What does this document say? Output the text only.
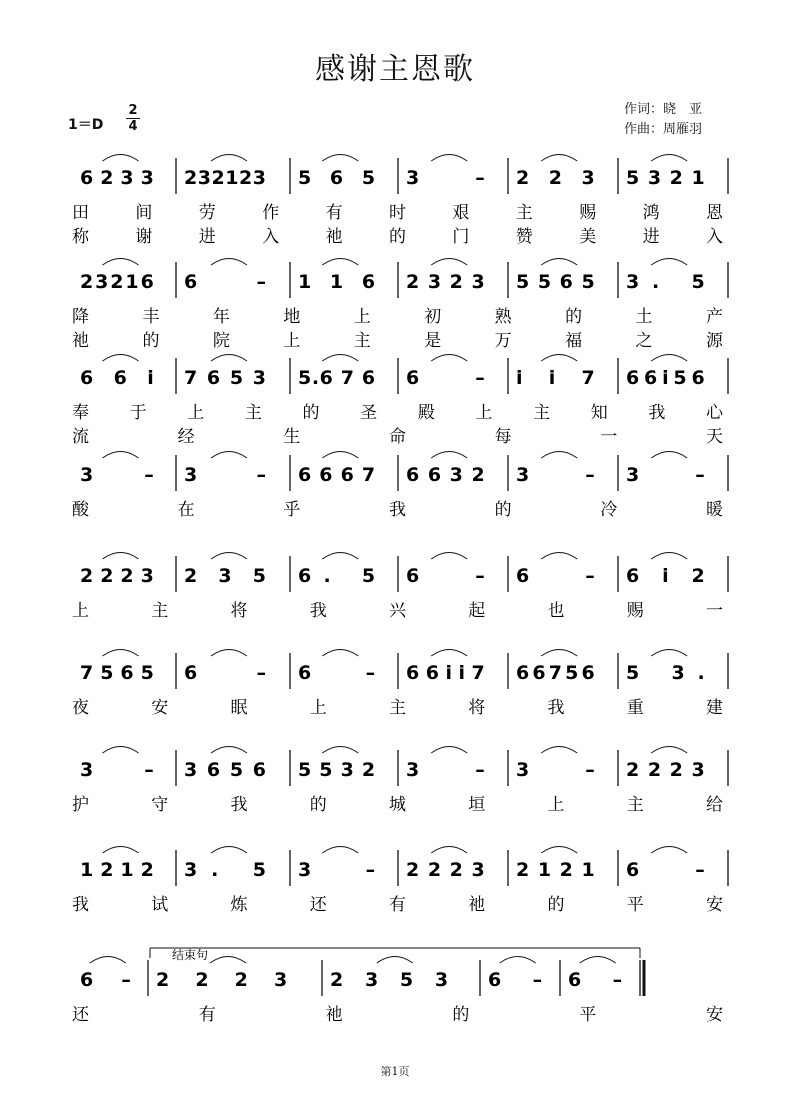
感谢主恩歌
1＝D
2
4
作词：晓　亚
作曲：周雁羽
6 2 3 3 2 3 2 1 2 3 5 6 5 3 – 2 2 3 5 3 2 1
田	间	劳	作	有	时	艰	主	赐	鸿	恩
称	谢	进	入	祂	的	门	赞	美	进	入
2 3 2 1 6 6 – 1 1 6 2 3 2 3 5 5 6 5 3. 5
降	丰	年	地	上	初	熟	的	土	产
祂	的	院	上	主	是	万	福	之	源
6 6 i 7 6 5 3 5.6 7 6 6 – i i 7 6 6 i 5 6
奉 于 上 主 的 圣 殿 上 主 知 我 心
流	经	生	命	每	一	天
3 – 3 – 6 6 6 7 6 6 3 2 3 – 3 –
酸	在	乎	我	的	冷	暖
2 2 2 3 2 3 5 6. 5 6 – 6 – 6 i 2
上	主	将	我	兴	起	也	赐	一
7 5 6 5 6 – 6 – 6 6 i i 7 6 6 7 5 6 5 3.
夜	安	眠	上	主	将	我	重	建
3 – 3 6 5 6 5 5 3 2 3 – 3 – 2 2 2 3
护	守	我	的	城	垣	上	主	给
1 2 1 2 3. 5 3 – 2 2 2 3 2 1 2 1 6 –
我	试	炼	还	有	祂	的	平	安
结束句
6 – 2 2 2 3 2 3 5 3 6 – 6 –
还	有	祂	的	平	安
第1页
